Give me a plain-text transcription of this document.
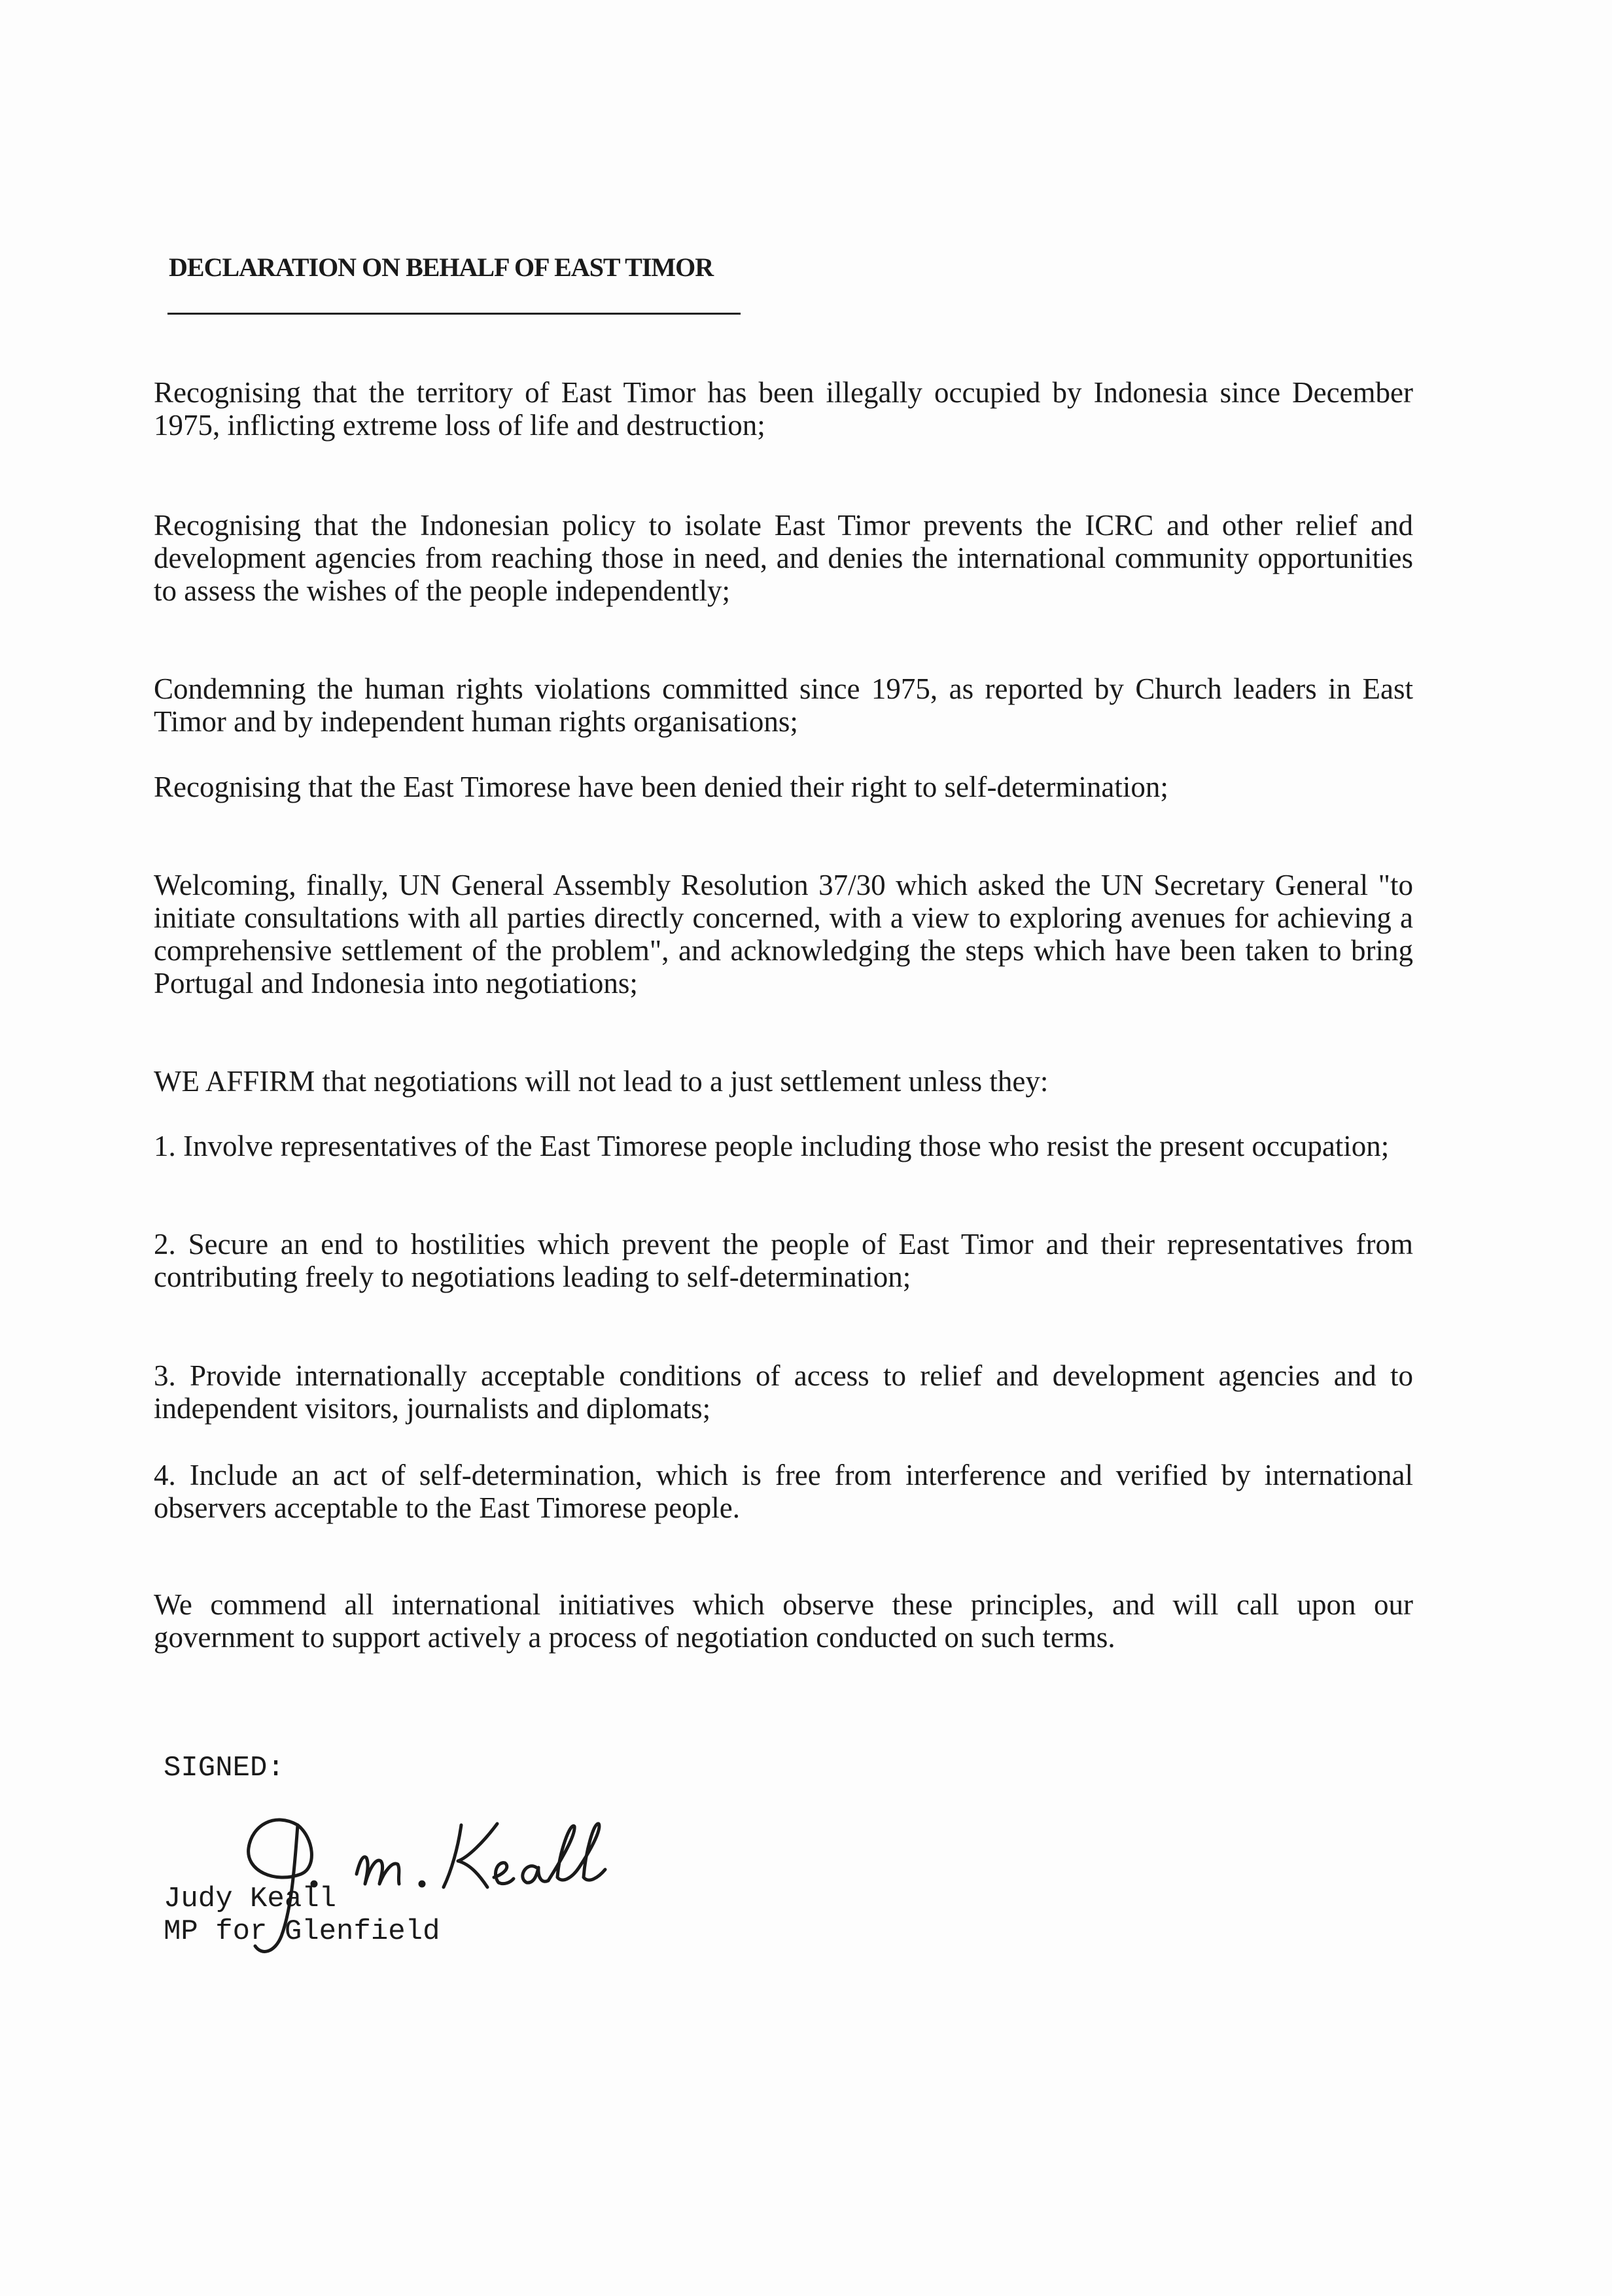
DECLARATION ON BEHALF OF EAST TIMOR
Recognising that the territory of East Timor has been illegally occupied by Indonesia since December 1975, inflicting extreme loss of life and destruction;
Recognising that the Indonesian policy to isolate East Timor prevents the ICRC and other relief and development agencies from reaching those in need, and denies the international community opportunities to assess the wishes of the people independently;
Condemning the human rights violations committed since 1975, as reported by Church leaders in East Timor and by independent human rights organisations;
Recognising that the East Timorese have been denied their right to self-determination;
Welcoming, finally, UN General Assembly Resolution 37/30 which asked the UN Secretary General "to initiate consultations with all parties directly concerned, with a view to exploring avenues for achieving a comprehensive settlement of the problem", and acknowledging the steps which have been taken to bring Portugal and Indonesia into negotiations;
WE AFFIRM that negotiations will not lead to a just settlement unless they:
1. Involve representatives of the East Timorese people including those who resist the present occupation;
2. Secure an end to hostilities which prevent the people of East Timor and their representatives from contributing freely to negotiations leading to self-determination;
3. Provide internationally acceptable conditions of access to relief and development agencies and to independent visitors, journalists and diplomats;
4. Include an act of self-determination, which is free from interference and verified by international observers acceptable to the East Timorese people.
We commend all international initiatives which observe these principles, and will call upon our government to support actively a process of negotiation conducted on such terms.
SIGNED:
Judy Keall
MP for Glenfield
